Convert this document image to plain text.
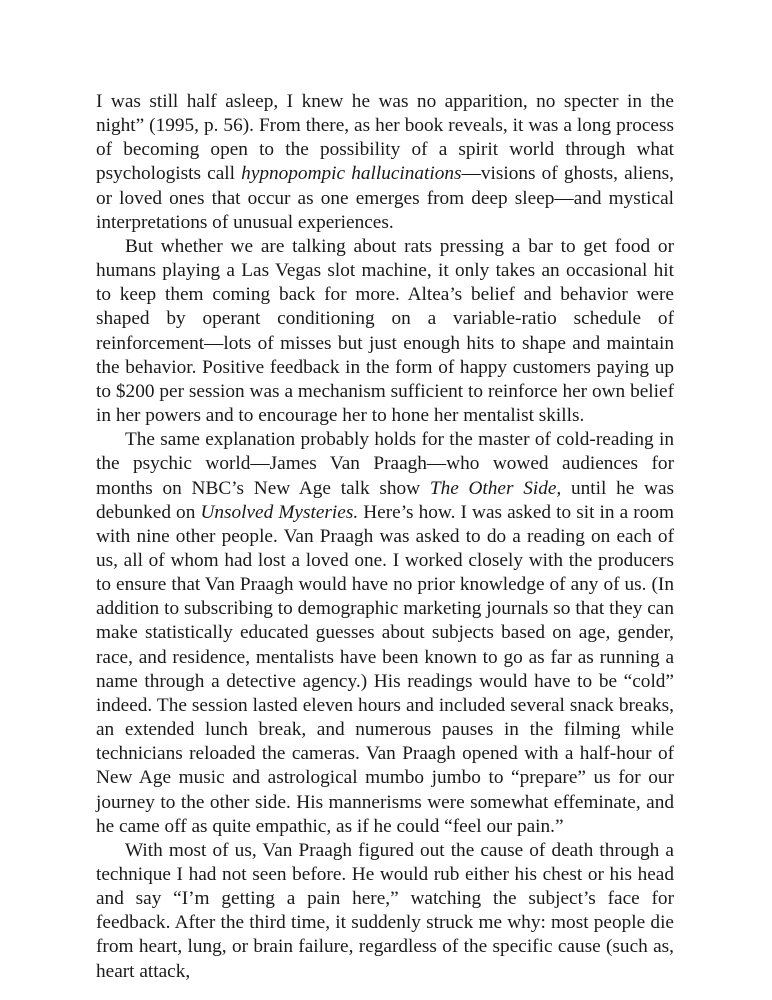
I was still half asleep, I knew he was no apparition, no specter in the night” (1995, p. 56). From there, as her book reveals, it was a long process of becoming open to the possibility of a spirit world through what psychologists call hypnopompic hallucinations—visions of ghosts, aliens, or loved ones that occur as one emerges from deep sleep—and mystical interpretations of unusual experiences.

But whether we are talking about rats pressing a bar to get food or humans playing a Las Vegas slot machine, it only takes an occasional hit to keep them coming back for more. Altea’s belief and behavior were shaped by operant conditioning on a variable-ratio schedule of reinforcement—lots of misses but just enough hits to shape and maintain the behavior. Positive feedback in the form of happy customers paying up to $200 per session was a mechanism sufficient to reinforce her own belief in her powers and to encourage her to hone her mentalist skills.

The same explanation probably holds for the master of cold-reading in the psychic world—James Van Praagh—who wowed audiences for months on NBC’s New Age talk show The Other Side, until he was debunked on Unsolved Mysteries. Here’s how. I was asked to sit in a room with nine other people. Van Praagh was asked to do a reading on each of us, all of whom had lost a loved one. I worked closely with the producers to ensure that Van Praagh would have no prior knowledge of any of us. (In addition to subscribing to demographic marketing journals so that they can make statistically educated guesses about subjects based on age, gender, race, and residence, mentalists have been known to go as far as running a name through a detective agency.) His readings would have to be “cold” indeed. The session lasted eleven hours and included several snack breaks, an extended lunch break, and numerous pauses in the filming while technicians reloaded the cameras. Van Praagh opened with a half-hour of New Age music and astrological mumbo jumbo to “prepare” us for our journey to the other side. His mannerisms were somewhat effeminate, and he came off as quite empathic, as if he could “feel our pain.”

With most of us, Van Praagh figured out the cause of death through a technique I had not seen before. He would rub either his chest or his head and say “I’m getting a pain here,” watching the subject’s face for feedback. After the third time, it suddenly struck me why: most people die from heart, lung, or brain failure, regardless of the specific cause (such as, heart attack,
